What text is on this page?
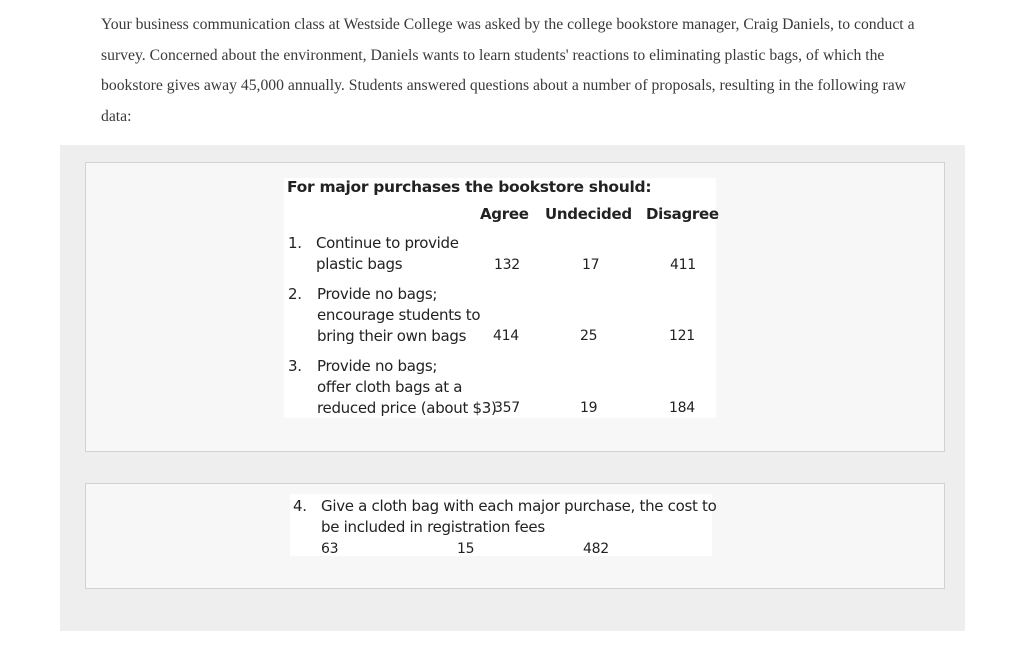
Your business communication class at Westside College was asked by the college bookstore manager, Craig Daniels, to conduct a survey. Concerned about the environment, Daniels wants to learn students' reactions to eliminating plastic bags, of which the bookstore gives away 45,000 annually. Students answered questions about a number of proposals, resulting in the following raw data:

For major purchases the bookstore should:
Agree Undecided Disagree
1. Continue to provide
plastic bags	132	17	411
2. Provide no bags;
encourage students to
bring their own bags 414	25	121
3. Provide no bags;
offer cloth bags at a
reduced price (about $3)
357	19	184
4. Give a cloth bag with each major purchase, the cost to
be included in registration fees
63	15	482
